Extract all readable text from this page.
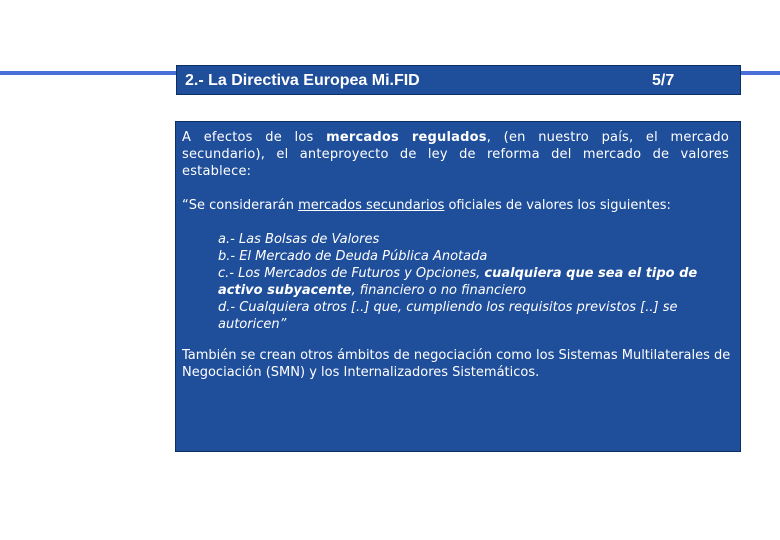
2.- La Directiva Europea Mi.FID	5/7

A efectos de los mercados regulados, (en nuestro país, el mercado secundario), el anteproyecto de ley de reforma del mercado de valores establece:

“Se considerarán mercados secundarios oficiales de valores los siguientes:

a.- Las Bolsas de Valores
b.- El Mercado de Deuda Pública Anotada
c.- Los Mercados de Futuros y Opciones, cualquiera que sea el tipo de activo subyacente, financiero o no financiero
d.- Cualquiera otros [..] que, cumpliendo los requisitos previstos [..] se autoricen”

También se crean otros ámbitos de negociación como los Sistemas Multilaterales de Negociación (SMN) y los Internalizadores Sistemáticos.
